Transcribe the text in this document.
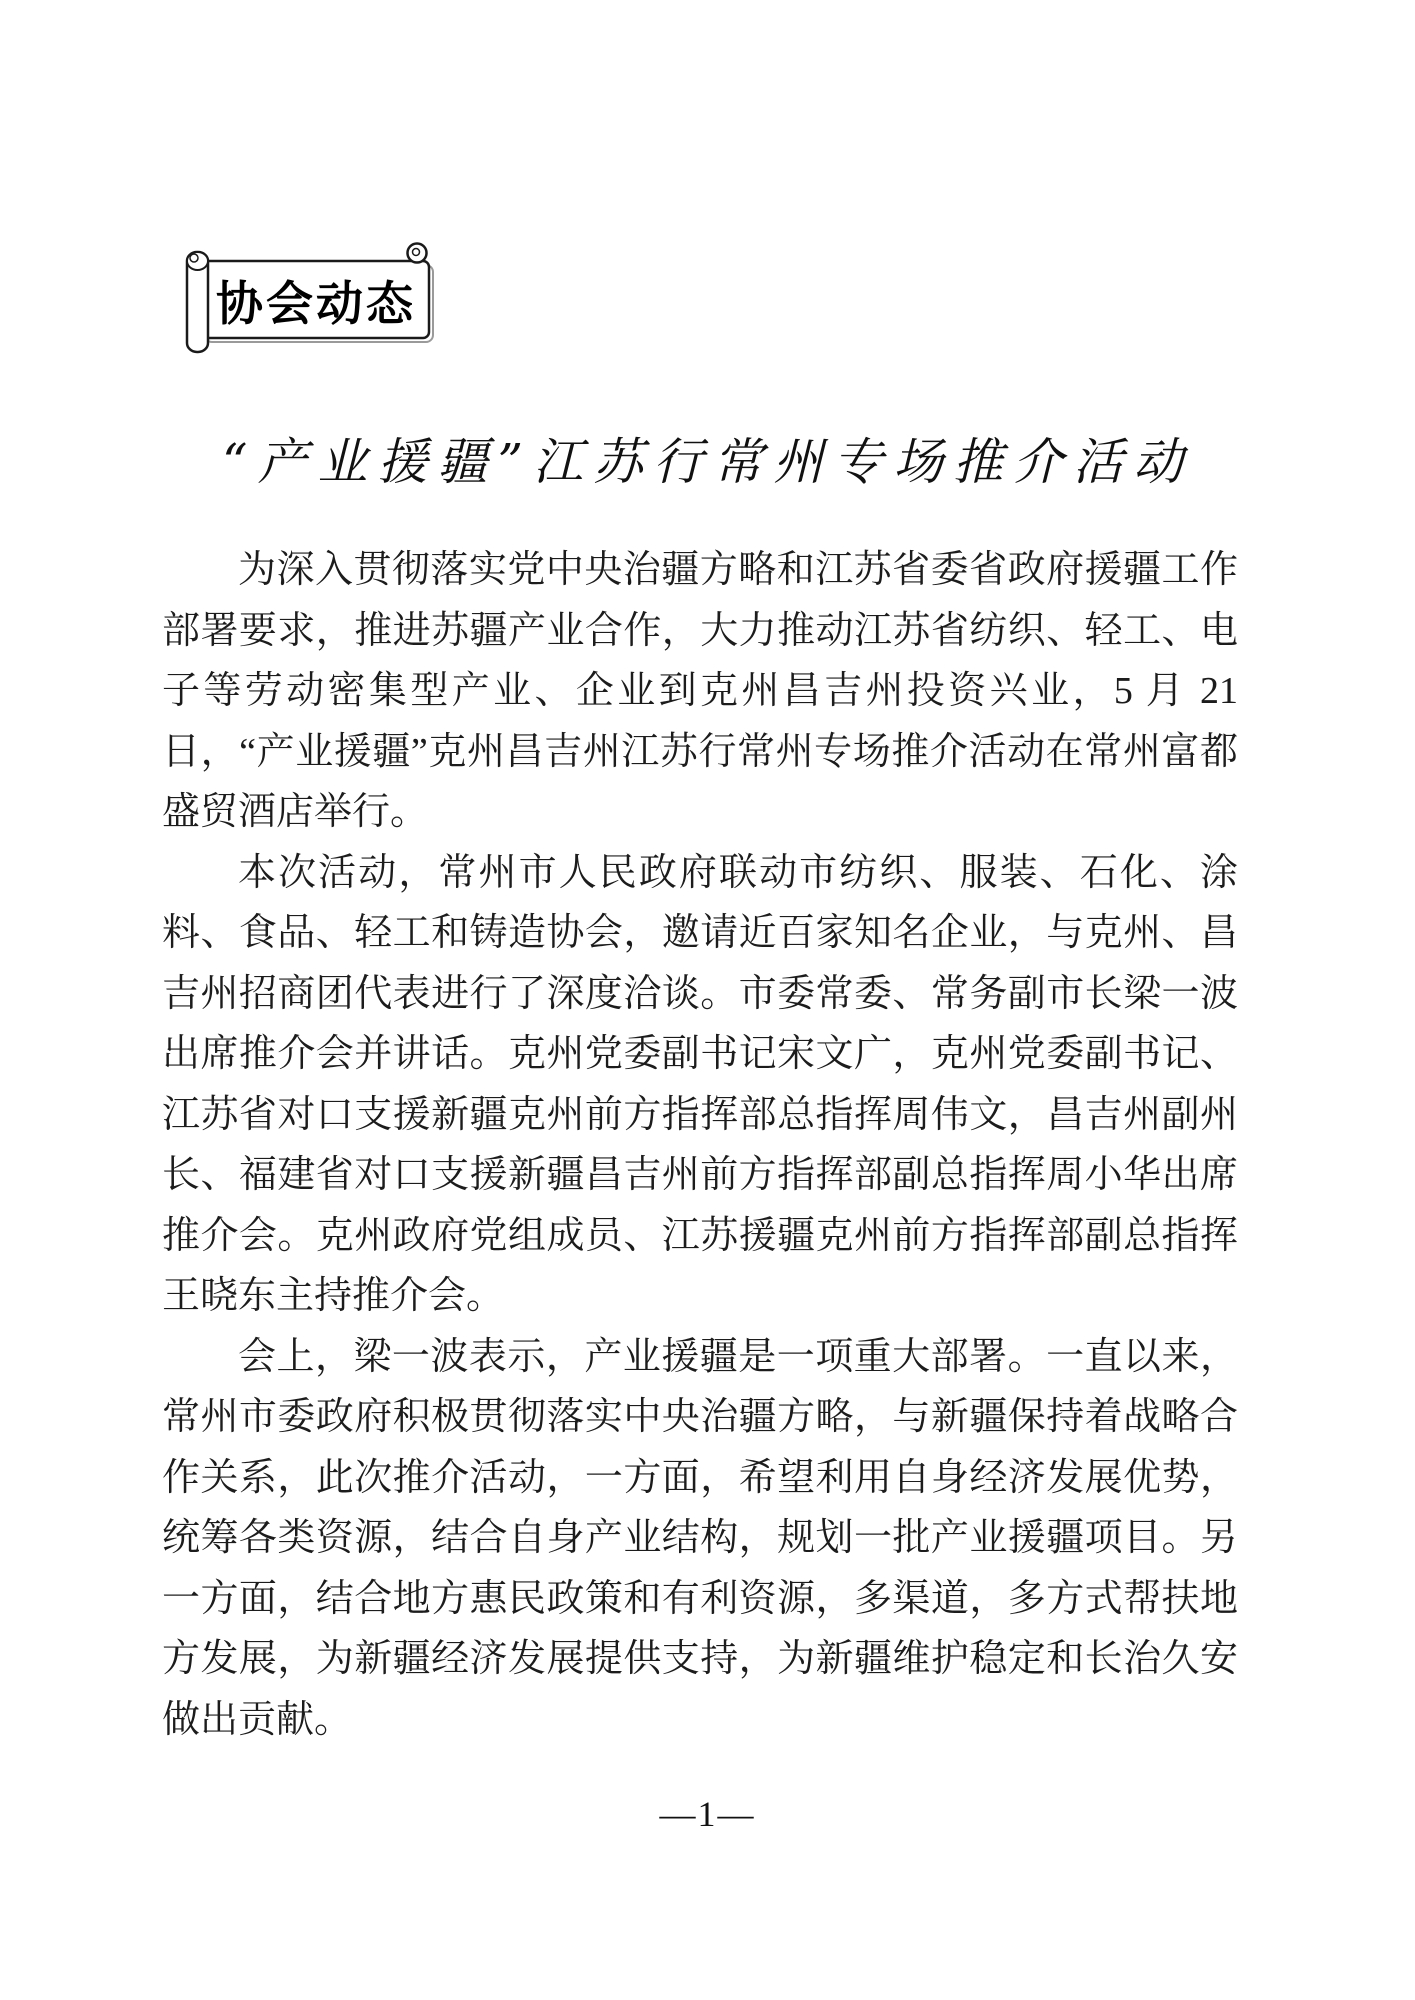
协会动态
“产业援疆”江苏行常州专场推介活动

为深入贯彻落实党中央治疆方略和江苏省委省政府援疆工作部署要求，推进苏疆产业合作，大力推动江苏省纺织、轻工、电子等劳动密集型产业、企业到克州昌吉州投资兴业，5 月 21 日，“产业援疆”克州昌吉州江苏行常州专场推介活动在常州富都盛贸酒店举行。

本次活动，常州市人民政府联动市纺织、服装、石化、涂料、食品、轻工和铸造协会，邀请近百家知名企业，与克州、昌吉州招商团代表进行了深度洽谈。市委常委、常务副市长梁一波出席推介会并讲话。克州党委副书记宋文广，克州党委副书记、江苏省对口支援新疆克州前方指挥部总指挥周伟文，昌吉州副州长、福建省对口支援新疆昌吉州前方指挥部副总指挥周小华出席推介会。克州政府党组成员、江苏援疆克州前方指挥部副总指挥王晓东主持推介会。

会上，梁一波表示，产业援疆是一项重大部署。一直以来，常州市委政府积极贯彻落实中央治疆方略，与新疆保持着战略合作关系，此次推介活动，一方面，希望利用自身经济发展优势，统筹各类资源，结合自身产业结构，规划一批产业援疆项目。另一方面，结合地方惠民政策和有利资源，多渠道，多方式帮扶地方发展，为新疆经济发展提供支持，为新疆维护稳定和长治久安做出贡献。

—1—
